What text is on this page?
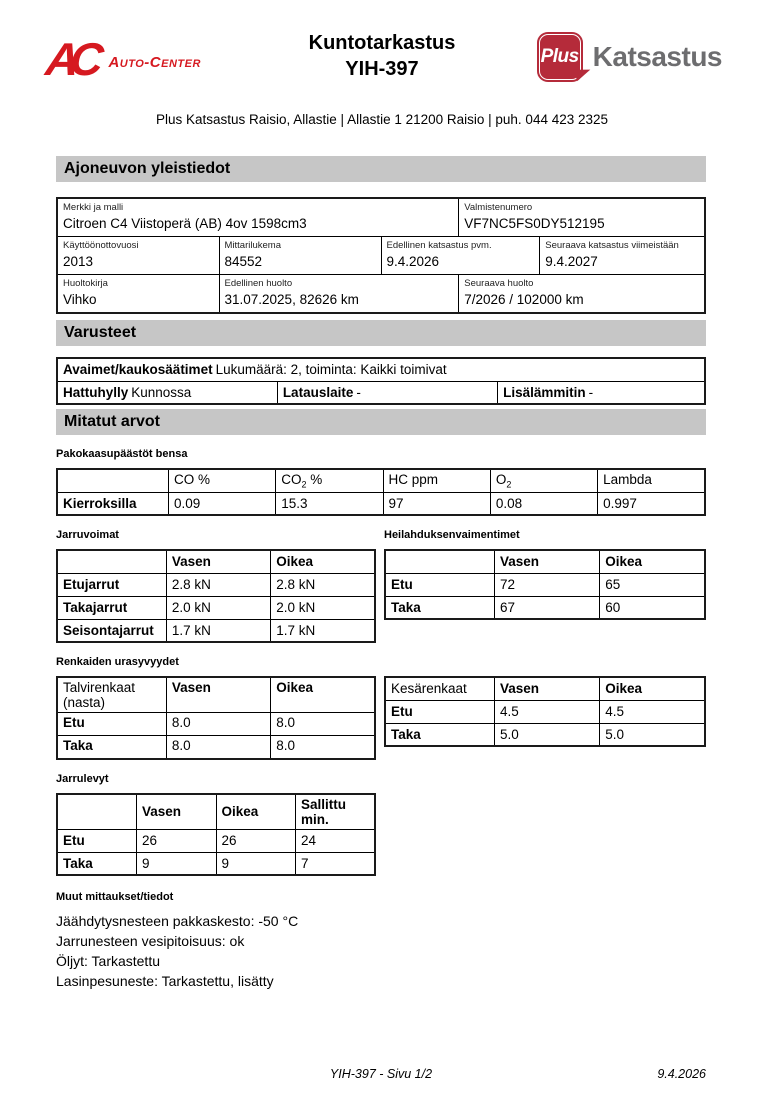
AC Auto-Center
Kuntotarkastus
YIH-397
Plus Katsastus
Plus Katsastus Raisio, Allastie | Allastie 1 21200 Raisio | puh. 044 423 2325
Ajoneuvon yleistiedot
Merkki ja malli
Citroen C4 Viistoperä (AB) 4ov 1598cm3

Valmistenumero
VF7NC5FS0DY512195

Käyttöönottovuosi
2013

Mittarilukema
84552

Edellinen katsastus pvm.
9.4.2026

Seuraava katsastus viimeistään
9.4.2027

Huoltokirja
Vihko

Edellinen huolto
31.07.2025, 82626 km

Seuraava huolto
7/2026 / 102000 km
Varusteet
Avaimet/kaukosäätimet Lukumäärä: 2, toiminta: Kaikki toimivat
Hattuhylly Kunnossa	Latauslaite -	Lisälämmitin -
Mitatut arvot
Pakokaasupäästöt bensa
	CO %	$CO_2$ %	HC ppm	$O_2$	Lambda
Kierroksilla	0.09	15.3	97	0.08	0.997
Jarruvoimat
	Vasen	Oikea
Etujarrut	2.8 kN	2.8 kN
Takajarrut	2.0 kN	2.0 kN
Seisontajarrut	1.7 kN	1.7 kN
Heilahduksenvaimentimet
	Vasen	Oikea
Etu	72	65
Taka	67	60
Renkaiden urasyvyydet
Talvirenkaat (nasta)	Vasen	Oikea
Etu	8.0	8.0
Taka	8.0	8.0
Kesärenkaat	Vasen	Oikea
Etu	4.5	4.5
Taka	5.0	5.0
Jarrulevyt
	Vasen	Oikea	Sallittu min.
Etu	26	26	24
Taka	9	9	7
Muut mittaukset/tiedot
Jäähdytysnesteen pakkaskesto: -50 °C
Jarrunesteen vesipitoisuus: ok
Öljyt: Tarkastettu
Lasinpesuneste: Tarkastettu, lisätty
YIH-397 - Sivu 1/2	9.4.2026
